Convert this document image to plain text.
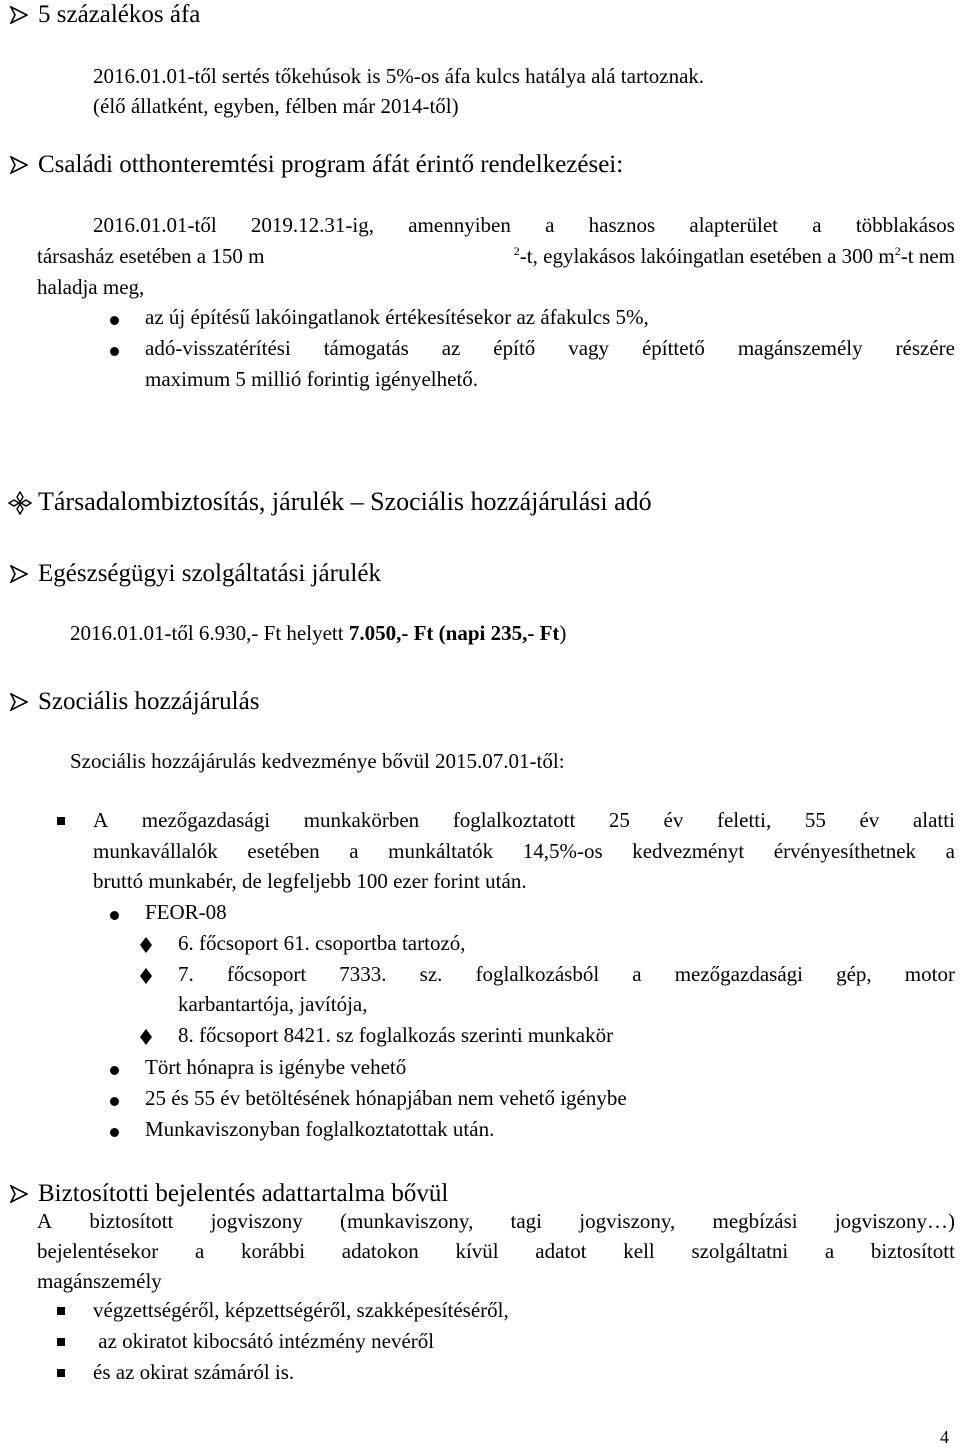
5 százalékos áfa
2016.01.01-től sertés tőkehúsok is 5%-os áfa kulcs hatálya alá tartoznak.
(élő állatként, egyben, félben már 2014-től)
Családi otthonteremtési program áfát érintő rendelkezései:
2016.01.01-től 2019.12.31-ig, amennyiben a hasznos alapterület a többlakásos
társasház esetében a 150 m	$^2$-t, egylakásos lakóingatlan esetében a 300 $m^2-t$ nem
haladja meg,
az új építésű lakóingatlanok értékesítésekor az áfakulcs 5%,
adó-visszatérítési támogatás az építő vagy építtető magánszemély részére
maximum 5 millió forintig igényelhető.
Társadalombiztosítás, járulék – Szociális hozzájárulási adó
Egészségügyi szolgáltatási járulék
2016.01.01-től 6.930,- Ft helyett 7.050,- Ft (napi 235,- Ft)
Szociális hozzájárulás
Szociális hozzájárulás kedvezménye bővül 2015.07.01-től:
A mezőgazdasági munkakörben foglalkoztatott 25 év feletti, 55 év alatti
munkavállalók esetében a munkáltatók 14,5%-os kedvezményt érvényesíthetnek a
bruttó munkabér, de legfeljebb 100 ezer forint után.
FEOR-08
6. főcsoport 61. csoportba tartozó,
7. főcsoport 7333. sz. foglalkozásból a mezőgazdasági gép, motor
karbantartója, javítója,
8. főcsoport 8421. sz foglalkozás szerinti munkakör
Tört hónapra is igénybe vehető
25 és 55 év betöltésének hónapjában nem vehető igénybe
Munkaviszonyban foglalkoztatottak után.
Biztosítotti bejelentés adattartalma bővül
A biztosított jogviszony (munkaviszony, tagi jogviszony, megbízási jogviszony…)
bejelentésekor a korábbi adatokon kívül adatot kell szolgáltatni a biztosított
magánszemély
végzettségéről, képzettségéről, szakképesítéséről,
az okiratot kibocsátó intézmény nevéről
és az okirat számáról is.
4
